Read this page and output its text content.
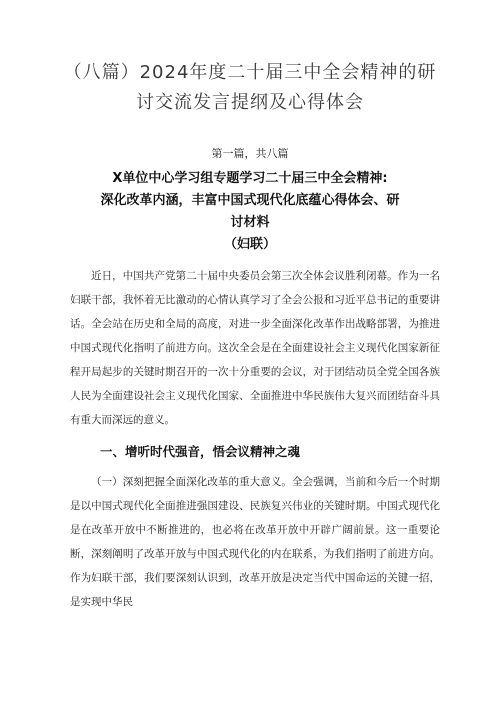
（八篇）2024年度二十届三中全会精神的研
讨交流发言提纲及心得体会
第一篇，共八篇
X单位中心学习组专题学习二十届三中全会精神:
深化改革内涵，丰富中国式现代化底蕴心得体会、研
讨材料
（妇联）

近日，中国共产党第二十届中央委员会第三次全体会议胜利闭幕。作为一名妇联干部，我怀着无比激动的心情认真学习了全会公报和习近平总书记的重要讲话。全会站在历史和全局的高度，对进一步全面深化改革作出战略部署，为推进中国式现代化指明了前进方向。这次全会是在全面建设社会主义现代化国家新征程开局起步的关键时期召开的一次十分重要的会议，对于团结动员全党全国各族人民为全面建设社会主义现代化国家、全面推进中华民族伟大复兴而团结奋斗具有重大而深远的意义。

一、增听时代强音，悟会议精神之魂

（一）深刻把握全面深化改革的重大意义。全会强调，当前和今后一个时期是以中国式现代化全面推进强国建设、民族复兴伟业的关键时期。中国式现代化是在改革开放中不断推进的，也必将在改革开放中开辟广阔前景。这一重要论断，深刻阐明了改革开放与中国式现代化的内在联系，为我们指明了前进方向。作为妇联干部，我们要深刻认识到，改革开放是决定当代中国命运的关键一招，是实现中华民
